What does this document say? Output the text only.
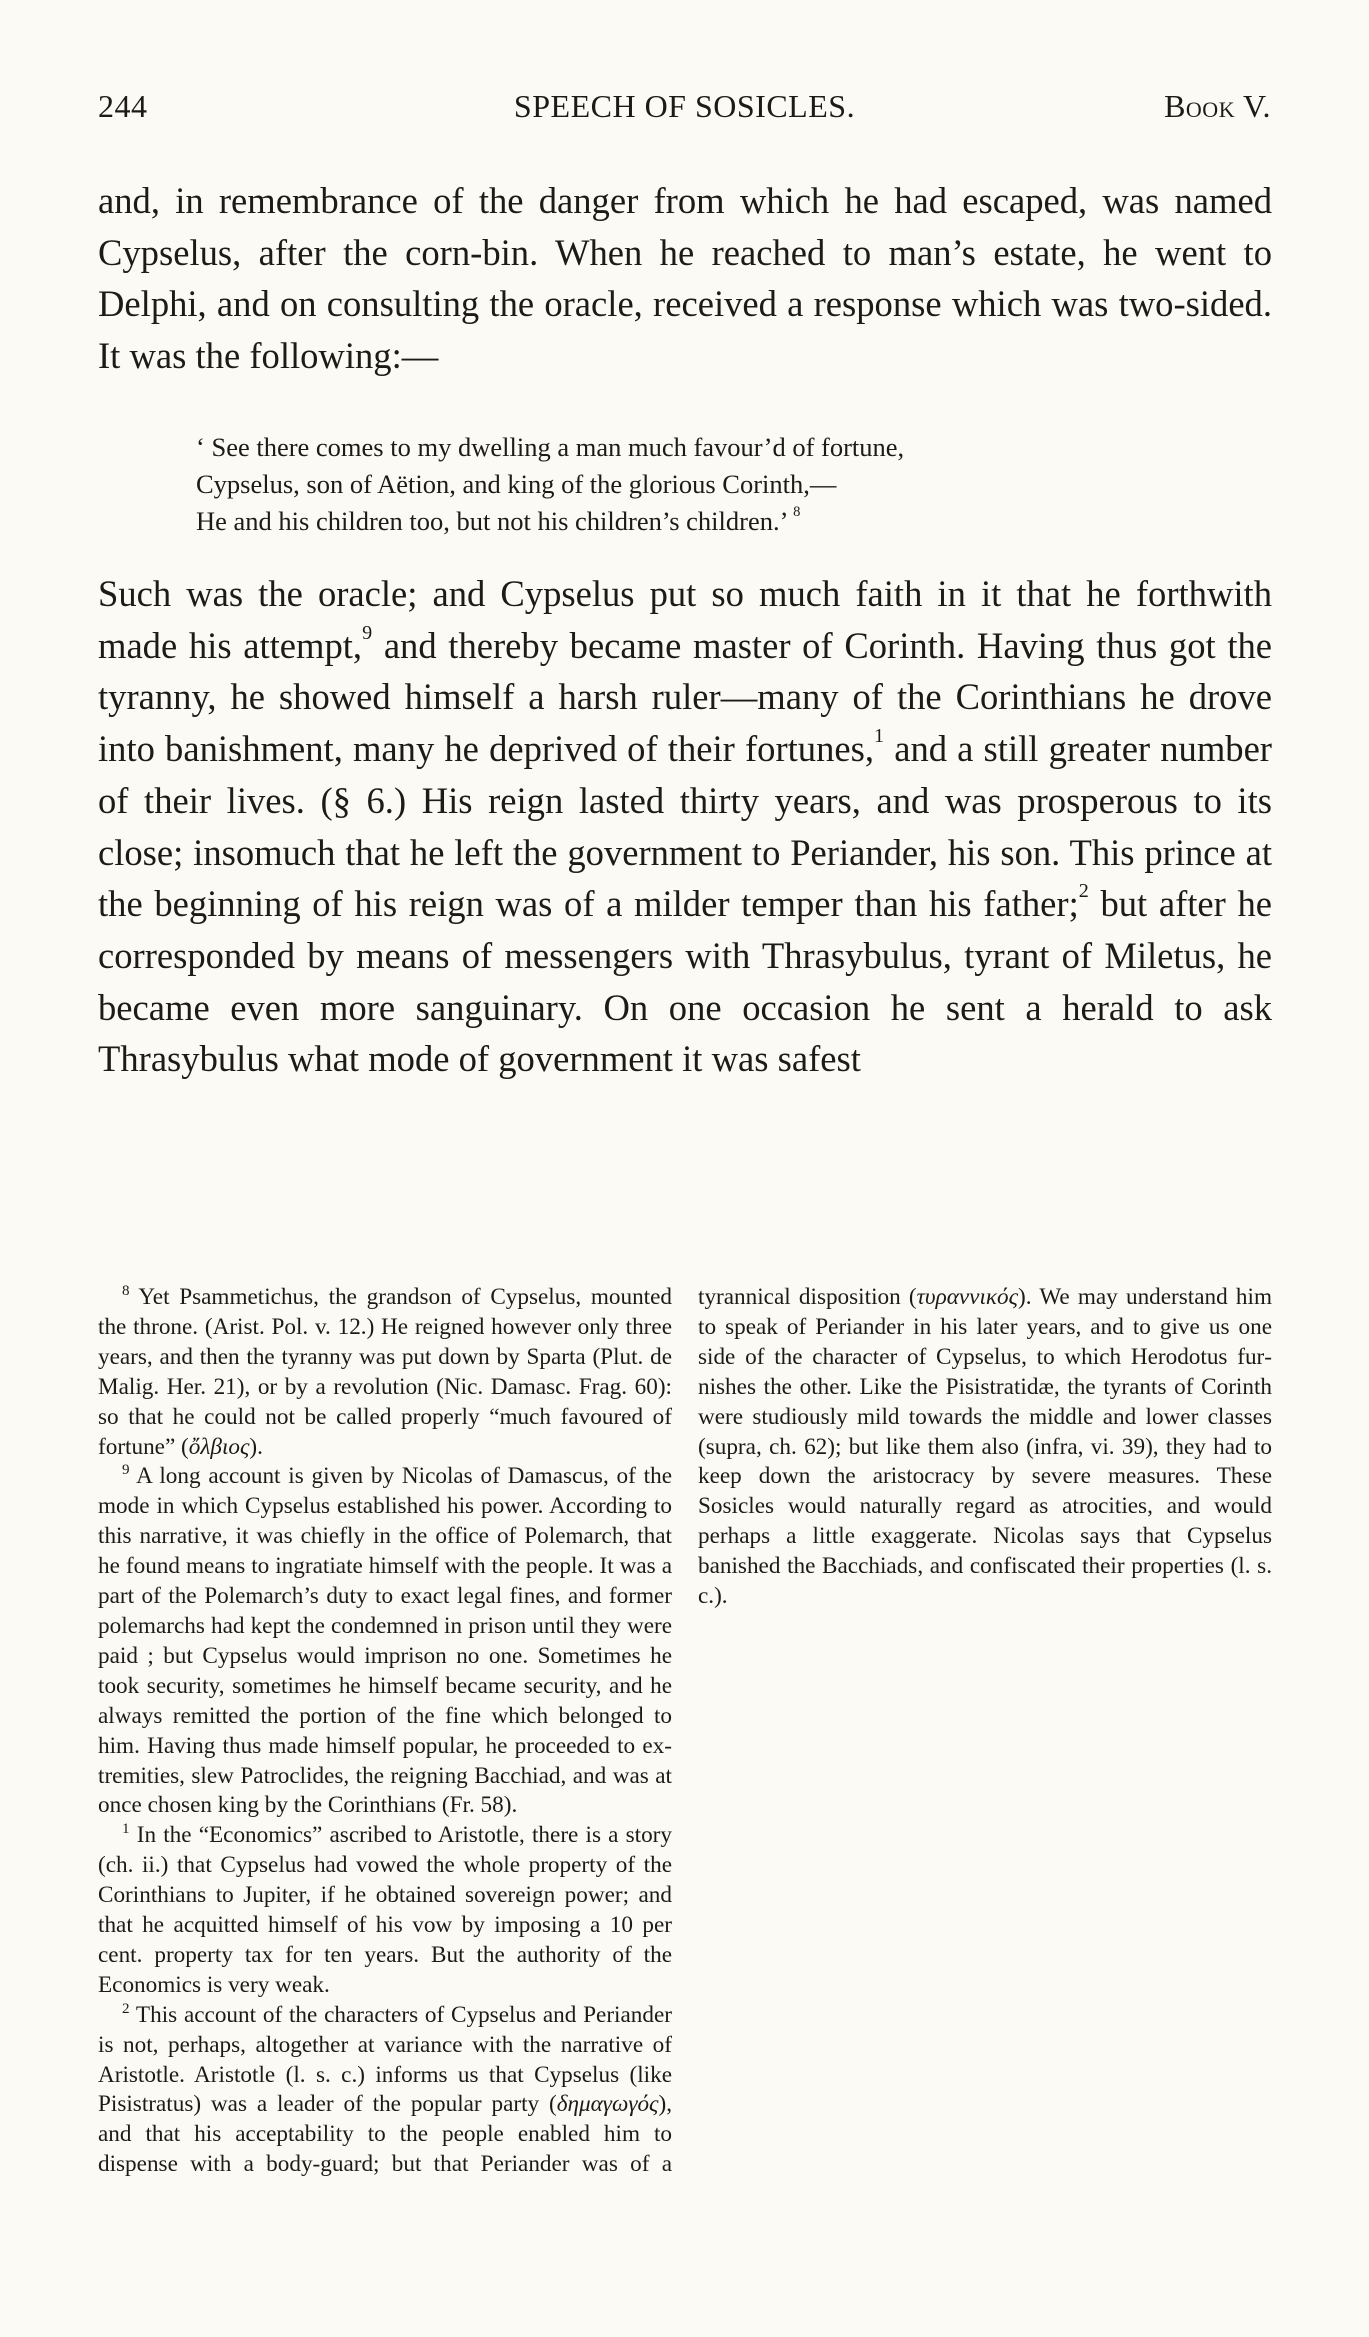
244	SPEECH OF SOSICLES.	Book V.

and, in remembrance of the danger from which he had escaped, was named Cypselus, after the corn-bin. When he reached to man’s estate, he went to Delphi, and on consulting the oracle, received a response which was two-sided. It was the following:—

‘ See there comes to my dwelling a man much favour’d of fortune,

Cypselus, son of Aëtion, and king of the glorious Corinth,—

He and his children too, but not his children’s children.’ $^8$

Such was the oracle; and Cypselus put so much faith in it that he forthwith made his attempt,$^9$ and thereby became master of Corinth. Having thus got the tyranny, he showed himself a harsh ruler—many of the Corinthians he drove into banishment, many he deprived of their fortunes,$^1$ and a still greater number of their lives. (§ 6.) His reign lasted thirty years, and was prosperous to its close; insomuch that he left the government to Periander, his son. This prince at the beginning of his reign was of a milder temper than his father;$^2$ but after he corresponded by means of messengers with Thrasybulus, tyrant of Miletus, he became even more sanguinary. On one occasion he sent a herald to ask Thrasybulus what mode of government it was safest

$^8$ Yet Psammetichus, the grandson of Cypselus, mounted the throne. (Arist. Pol. v. 12.) He reigned however only three years, and then the tyranny was put down by Sparta (Plut. de Malig. Her. 21), or by a revolution (Nic. Damasc. Frag. 60): so that he could not be called properly “much favoured of fortune” (ὄλβιος).

$^9$ A long account is given by Nicolas of Damascus, of the mode in which Cypselus established his power. According to this narrative, it was chiefly in the office of Polemarch, that he found means to ingratiate himself with the people. It was a part of the Polemarch’s duty to exact legal fines, and former polemarchs had kept the condemned in prison until they were paid ; but Cypselus would imprison no one. Sometimes he took security, sometimes he himself became security, and he always remitted the portion of the fine which belonged to him. Having thus made himself popular, he proceeded to extremities, slew Patroclides, the reigning Bacchiad, and was at once chosen king by the Corinthians (Fr. 58).

$^1$ In the “Economics” ascribed to Aristotle, there is a story (ch. ii.) that Cypselus had vowed the whole property of the Corinthians to Jupiter, if he obtained sovereign power; and that he acquitted himself of his vow by imposing a 10 per cent. property tax for ten years. But the authority of the Economics is very weak.

$^2$ This account of the characters of Cypselus and Periander is not, perhaps, altogether at variance with the narrative of Aristotle. Aristotle (l. s. c.) informs us that Cypselus (like Pisistratus) was a leader of the popular party (δημαγωγός), and that his acceptability to the people enabled him to dispense with a body-guard; but that Periander was of a tyrannical disposition (τυραννικός). We may understand him to speak of Periander in his later years, and to give us one side of the character of Cypselus, to which Herodotus furnishes the other. Like the Pisistratidæ, the tyrants of Corinth were studiously mild towards the middle and lower classes (supra, ch. 62); but like them also (infra, vi. 39), they had to keep down the aristocracy by severe measures. These Sosicles would naturally regard as atrocities, and would perhaps a little exaggerate. Nicolas says that Cypselus banished the Bacchiads, and confiscated their properties (l. s. c.).
